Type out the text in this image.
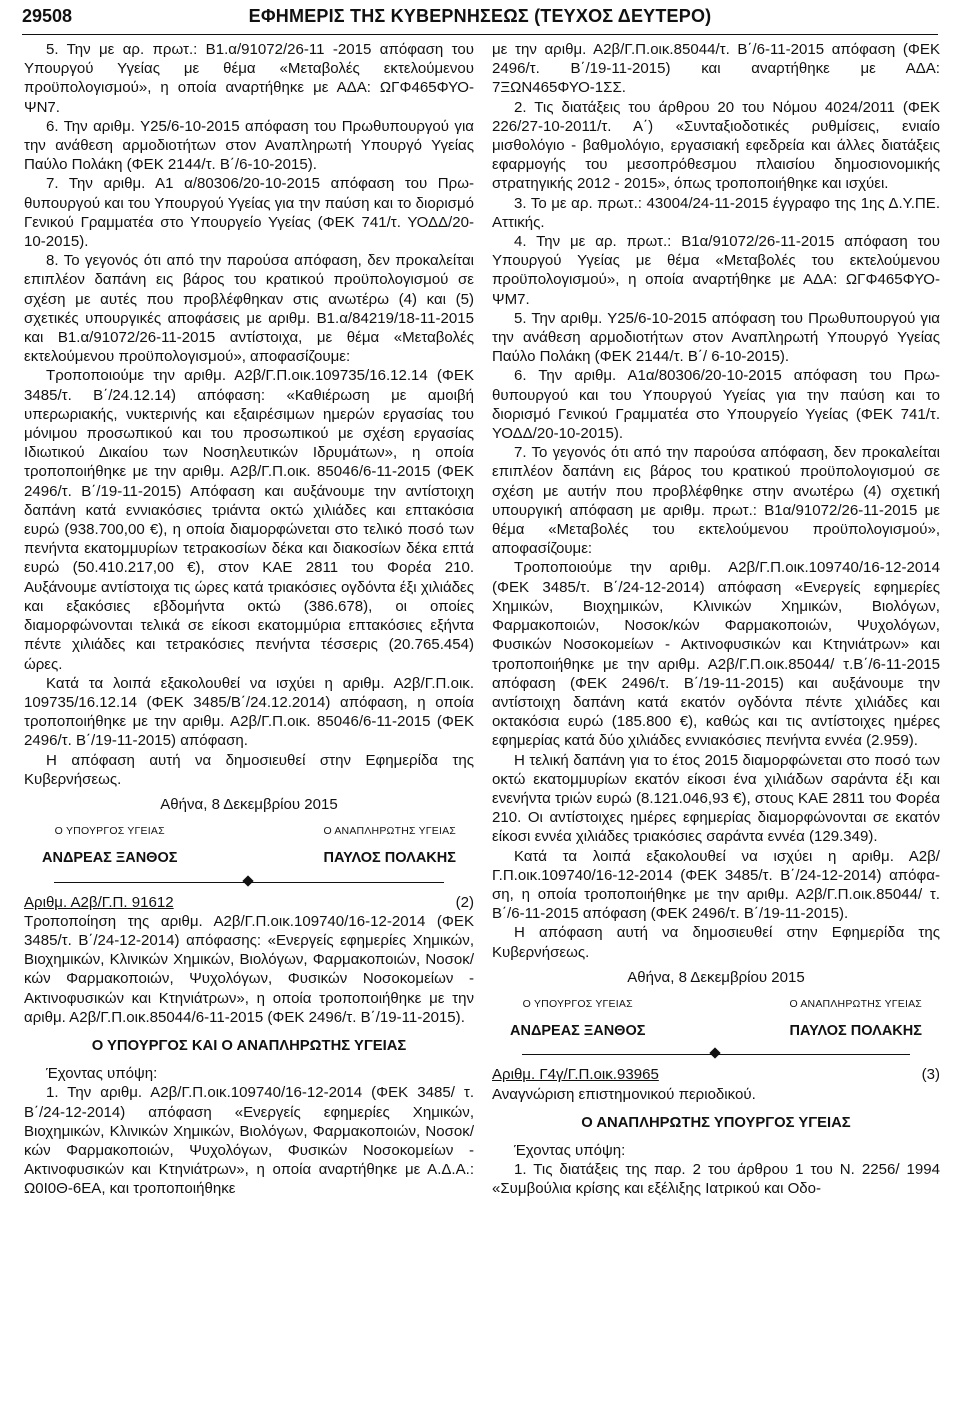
29508	ΕΦΗΜΕΡΙΣ ΤΗΣ ΚΥΒΕΡΝΗΣΕΩΣ (ΤΕΥΧΟΣ ΔΕΥΤΕΡΟ)

5. Την με αρ. πρωτ.: Β1.α/91072/26-11 -2015 απόφαση του Υπουργού Υγείας με θέμα «Μεταβολές εκτελούμενου προϋπολογισμού», η οποία αναρτήθηκε με ΑΔΑ: ΩΓΦ465ΦΥΟ-ΨΝ7.

6. Την αριθμ. Υ25/6-10-2015 απόφαση του Πρωθυπουργού για την ανάθεση αρμοδιοτήτων στον Αναπληρωτή Υπουργό Υγείας Παύλο Πολάκη (ΦΕΚ 2144/τ. Β΄/6-10-2015).

7. Την αριθμ. Α1 α/80306/20-10-2015 απόφαση του Πρωθυπουργού και του Υπουργού Υγείας για την παύση και το διορισμό Γενικού Γραμματέα στο Υπουργείο Υγείας (ΦΕΚ 741/τ. ΥΟΔΔ/20-10-2015).

8. Το γεγονός ότι από την παρούσα απόφαση, δεν προκαλείται επιπλέον δαπάνη εις βάρος του κρατικού προϋπολογισμού σε σχέση με αυτές που προβλέφθηκαν στις ανωτέρω (4) και (5) σχετικές υπουργικές αποφάσεις με αριθμ. Β1.α/84219/18-11-2015 και Β1.α/91072/26-11-2015 αντίστοιχα, με θέμα «Μεταβολές εκτελούμενου προϋπολογισμού», αποφασίζουμε:

Τροποποιούμε την αριθμ. Α2β/Γ.Π.οικ.109735/16.12.14 (ΦΕΚ 3485/τ. Β΄/24.12.14) απόφαση: «Καθιέρωση με αμοιβή υπερωριακής, νυκτερινής και εξαιρέσιμων ημερών εργασίας του μόνιμου προσωπικού και του προσωπικού με σχέση εργασίας Ιδιωτικού Δικαίου των Νοσηλευτικών Ιδρυμάτων», η οποία τροποποιήθηκε με την αριθμ. Α2β/Γ.Π.οικ. 85046/6-11-2015 (ΦΕΚ 2496/τ. Β΄/19-11-2015) Απόφαση και αυξάνουμε την αντίστοιχη δαπάνη κατά εννιακόσιες τριάντα οκτώ χιλιάδες και επτακόσια ευρώ (938.700,00 €), η οποία διαμορφώνεται στο τελικό ποσό των πενήντα εκατομμυρίων τετρακοσίων δέκα και διακοσίων δέκα επτά ευρώ (50.410.217,00 €), στον ΚΑΕ 2811 του Φορέα 210. Αυξάνουμε αντίστοιχα τις ώρες κατά τριακόσιες ογδόντα έξι χιλιάδες και εξακόσιες εβδομήντα οκτώ (386.678), οι οποίες διαμορφώνονται τελικά σε είκοσι εκατομμύρια επτακόσιες εξήντα πέντε χιλιάδες και τετρακόσιες πενήντα τέσσερις (20.765.454) ώρες.

Κατά τα λοιπά εξακολουθεί να ισχύει η αριθμ. Α2β/Γ.Π.οικ. 109735/16.12.14 (ΦΕΚ 3485/Β΄/24.12.2014) απόφαση, η οποία τροποποιήθηκε με την αριθμ. Α2β/Γ.Π.οικ. 85046/6-11-2015 (ΦΕΚ 2496/τ. Β΄/19-11-2015) απόφαση.

Η απόφαση αυτή να δημοσιευθεί στην Εφημερίδα της Κυβερνήσεως.

Αθήνα, 8 Δεκεμβρίου 2015
Ο ΥΠΟΥΡΓΟΣ ΥΓΕΙΑΣ
ΑΝΔΡΕΑΣ ΞΑΝΘΟΣ
Ο ΑΝΑΠΛΗΡΩΤΗΣ ΥΓΕΙΑΣ
ΠΑΥΛΟΣ ΠΟΛΑΚΗΣ
Αριθμ. Α2β/Γ.Π. 91612	(2)

Τροποποίηση της αριθμ. Α2β/Γ.Π.οικ.109740/16-12-2014 (ΦΕΚ 3485/τ. Β΄/24-12-2014) απόφασης: «Ενεργείς εφημερίες Χημικών, Βιοχημικών, Κλινικών Χημικών, Βιολόγων, Φαρμακοποιών, Νοσοκ/κών Φαρμακοποιών, Ψυχολόγων, Φυσικών Νοσοκομείων - Ακτινοφυσικών και Κτηνιάτρων», η οποία τροποποιήθηκε με την αριθμ. Α2β/Γ.Π.οικ.85044/6-11-2015 (ΦΕΚ 2496/τ. Β΄/19-11-2015).

Ο ΥΠΟΥΡΓΟΣ ΚΑΙ Ο ΑΝΑΠΛΗΡΩΤΗΣ ΥΓΕΙΑΣ

Έχοντας υπόψη:

1. Την αριθμ. Α2β/Γ.Π.οικ.109740/16-12-2014 (ΦΕΚ 3485/ τ. Β΄/24-12-2014) απόφαση «Ενεργείς εφημερίες Χημικών, Βιοχημικών, Κλινικών Χημικών, Βιολόγων, Φαρμακοποιών, Νοσοκ/κών Φαρμακοποιών, Ψυχολόγων, Φυσικών Νοσοκομείων - Ακτινοφυσικών και Κτηνιάτρων», η οποία αναρτήθηκε με Α.Δ.Α.: Ω0Ι0Θ-6ΕΑ, και τροποποιήθηκε

με την αριθμ. Α2β/Γ.Π.οικ.85044/τ. Β΄/6-11-2015 απόφαση (ΦΕΚ 2496/τ. Β΄/19-11-2015) και αναρτήθηκε με ΑΔΑ: 7ΞΩΝ465ΦΥΟ-1ΣΣ.

2. Τις διατάξεις του άρθρου 20 του Νόμου 4024/2011 (ΦΕΚ 226/27-10-2011/τ. Α΄) «Συνταξιοδοτικές ρυθμίσεις, ενιαίο μισθολόγιο - βαθμολόγιο, εργασιακή εφεδρεία και άλλες διατάξεις εφαρμογής του μεσοπρόθεσμου πλαισίου δημοσιονομικής στρατηγικής 2012 - 2015», όπως τροποποιήθηκε και ισχύει.

3. Το με αρ. πρωτ.: 43004/24-11-2015 έγγραφο της 1ης Δ.Υ.ΠΕ. Αττικής.

4. Την με αρ. πρωτ.: Β1α/91072/26-11-2015 απόφαση του Υπουργού Υγείας με θέμα «Μεταβολές του εκτελούμενου προϋπολογισμού», η οποία αναρτήθηκε με ΑΔΑ: ΩΓΦ465ΦΥΟ-ΨΜ7.

5. Την αριθμ. Υ25/6-10-2015 απόφαση του Πρωθυπουργού για την ανάθεση αρμοδιοτήτων στον Αναπληρωτή Υπουργό Υγείας Παύλο Πολάκη (ΦΕΚ 2144/τ. Β΄/ 6-10-2015).

6. Την αριθμ. Α1α/80306/20-10-2015 απόφαση του Πρωθυπουργού και του Υπουργού Υγείας για την παύση και το διορισμό Γενικού Γραμματέα στο Υπουργείο Υγείας (ΦΕΚ 741/τ. ΥΟΔΔ/20-10-2015).

7. Το γεγονός ότι από την παρούσα απόφαση, δεν προκαλείται επιπλέον δαπάνη εις βάρος του κρατικού προϋπολογισμού σε σχέση με αυτήν που προβλέφθηκε στην ανωτέρω (4) σχετική υπουργική απόφαση με αριθμ. πρωτ.: Β1α/91072/26-11-2015 με θέμα «Μεταβολές του εκτελούμενου προϋπολογισμού», αποφασίζουμε:

Τροποποιούμε την αριθμ. Α2β/Γ.Π.οικ.109740/16-12-2014 (ΦΕΚ 3485/τ. Β΄/24-12-2014) απόφαση «Ενεργείς εφημερίες Χημικών, Βιοχημικών, Κλινικών Χημικών, Βιολόγων, Φαρμακοποιών, Νοσοκ/κών Φαρμακοποιών, Ψυχολόγων, Φυσικών Νοσοκομείων - Ακτινοφυσικών και Κτηνιάτρων» και τροποποιήθηκε με την αριθμ. Α2β/Γ.Π.οικ.85044/ τ.Β΄/6-11-2015 απόφαση (ΦΕΚ 2496/τ. Β΄/19-11-2015) και αυξάνουμε την αντίστοιχη δαπάνη κατά εκατόν ογδόντα πέντε χιλιάδες και οκτακόσια ευρώ (185.800 €), καθώς και τις αντίστοιχες ημέρες εφημερίας κατά δύο χιλιάδες εννιακόσιες πενήντα εννέα (2.959).

Η τελική δαπάνη για το έτος 2015 διαμορφώνεται στο ποσό των οκτώ εκατομμυρίων εκατόν είκοσι ένα χιλιάδων σαράντα έξι και ενενήντα τριών ευρώ (8.121.046,93 €), στους ΚΑΕ 2811 του Φορέα 210. Οι αντίστοιχες ημέρες εφημερίας διαμορφώνονται σε εκατόν είκοσι εννέα χιλιάδες τριακόσιες σαράντα εννέα (129.349).

Κατά τα λοιπά εξακολουθεί να ισχύει η αριθμ. Α2β/Γ.Π.οικ.109740/16-12-2014 (ΦΕΚ 3485/τ. Β΄/24-12-2014) απόφαση, η οποία τροποποιήθηκε με την αριθμ. Α2β/Γ.Π.οικ.85044/ τ. Β΄/6-11-2015 απόφαση (ΦΕΚ 2496/τ. Β΄/19-11-2015).

Η απόφαση αυτή να δημοσιευθεί στην Εφημερίδα της Κυβερνήσεως.

Αθήνα, 8 Δεκεμβρίου 2015
Ο ΥΠΟΥΡΓΟΣ ΥΓΕΙΑΣ
ΑΝΔΡΕΑΣ ΞΑΝΘΟΣ
Ο ΑΝΑΠΛΗΡΩΤΗΣ ΥΓΕΙΑΣ
ΠΑΥΛΟΣ ΠΟΛΑΚΗΣ
Αριθμ. Γ4γ/Γ.Π.οικ.93965	(3)

Αναγνώριση επιστημονικού περιοδικού.

Ο ΑΝΑΠΛΗΡΩΤΗΣ ΥΠΟΥΡΓΟΣ ΥΓΕΙΑΣ

Έχοντας υπόψη:

1. Τις διατάξεις της παρ. 2 του άρθρου 1 του Ν. 2256/ 1994 «Συμβούλια κρίσης και εξέλιξης Ιατρικού και Οδο-
